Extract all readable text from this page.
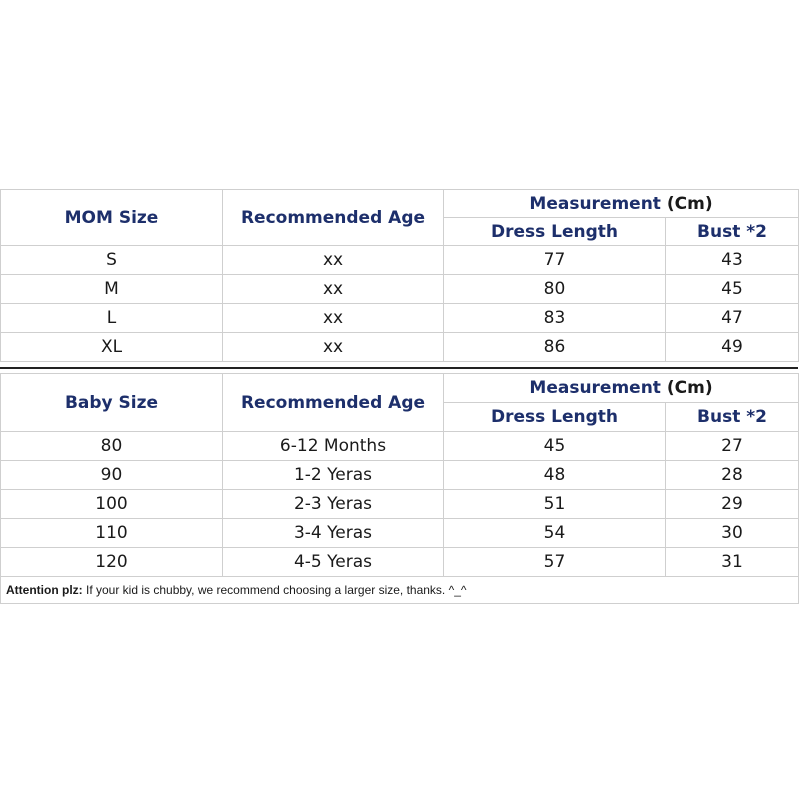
MOM Size	Recommended Age	Measurement (Cm)	
		Dress Length	Bust *2
S	xx	77	43
M	xx	80	45
L	xx	83	47
XL	xx	86	49
Baby Size	Recommended Age	Measurement (Cm)	
		Dress Length	Bust *2
80	6-12 Months	45	27
90	1-2 Yeras	48	28
100	2-3 Yeras	51	29
110	3-4 Yeras	54	30
120	4-5 Yeras	57	31
Attention plz: If your kid is chubby, we recommend choosing a larger size, thanks. ^_^			
